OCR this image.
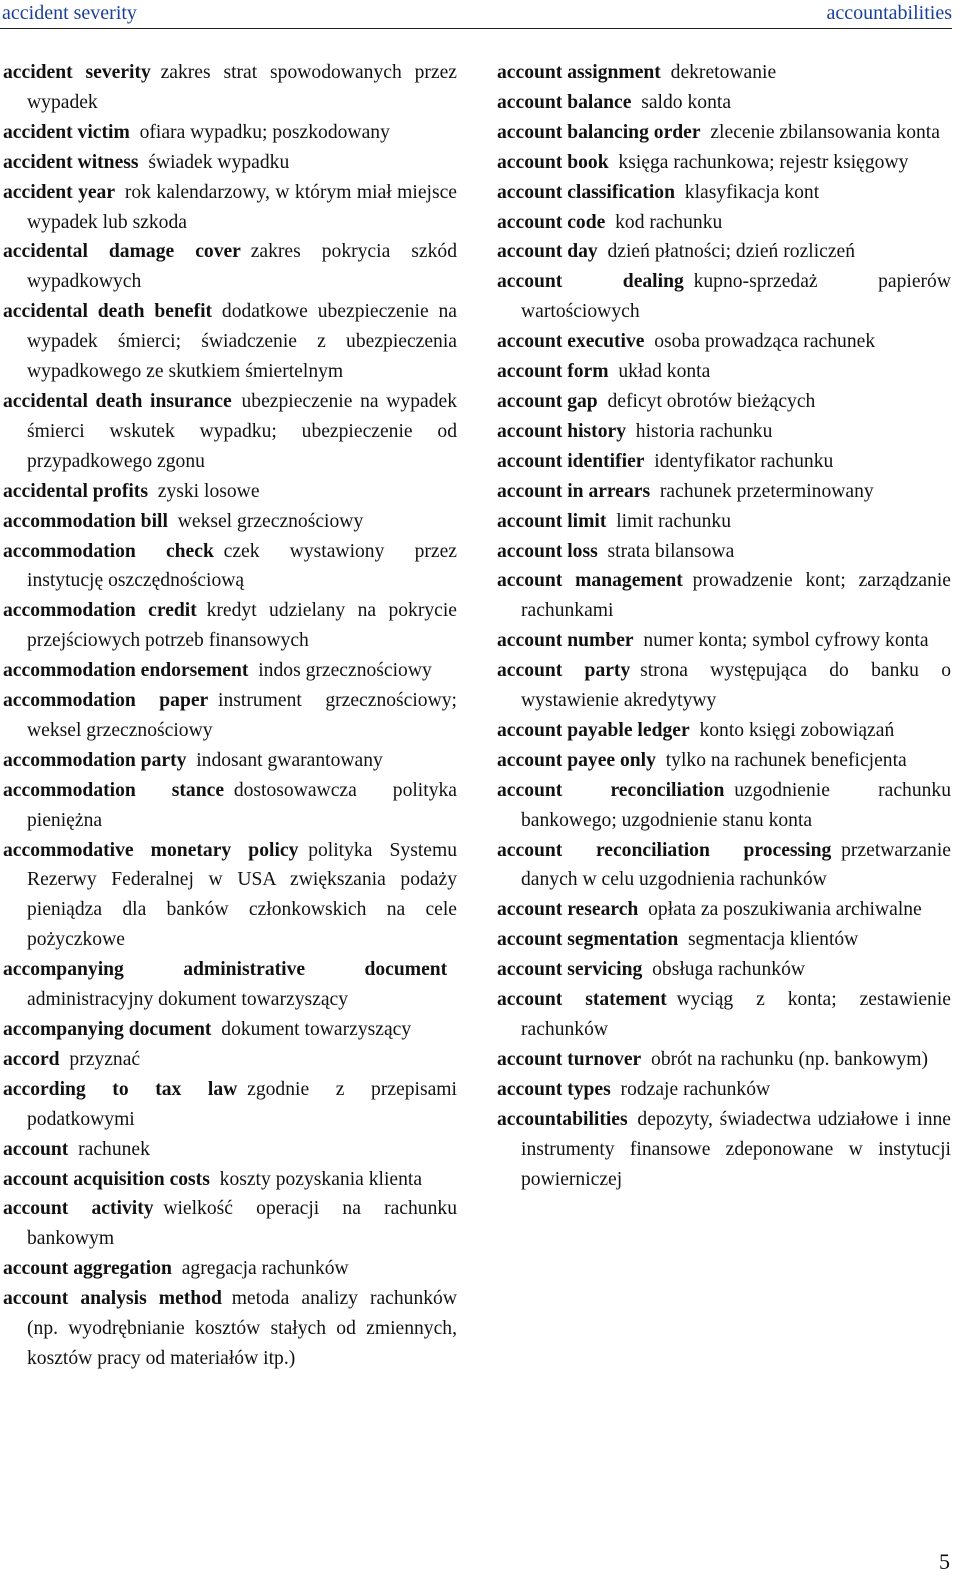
accident severity	accountabilities
accident severity  zakres strat spowodowanych przez wypadek
accident victim  ofiara wypadku; poszkodowany
accident witness  świadek wypadku
accident year  rok kalendarzowy, w którym miał miejsce wypadek lub szkoda
accidental damage cover  zakres pokrycia szkód wypadkowych
accidental death benefit  dodatkowe ubezpieczenie na wypadek śmierci; świadczenie z ubezpieczenia wypadkowego ze skutkiem śmiertelnym
accidental death insurance  ubezpieczenie na wypadek śmierci wskutek wypadku; ubezpieczenie od przypadkowego zgonu
accidental profits  zyski losowe
accommodation bill  weksel grzecznościowy
accommodation check  czek wystawiony przez instytucję oszczędnościową
accommodation credit  kredyt udzielany na pokrycie przejściowych potrzeb finansowych
accommodation endorsement  indos grzecznościowy
accommodation paper  instrument grzecznościowy; weksel grzecznościowy
accommodation party  indosant gwarantowany
accommodation stance  dostosowawcza polityka pieniężna
accommodative monetary policy  polityka Systemu Rezerwy Federalnej w USA zwiększania podaży pieniądza dla banków członkowskich na cele pożyczkowe
accompanying administrative document administracyjny dokument towarzyszący
accompanying document  dokument towarzyszący
accord  przyznać
according to tax law  zgodnie z przepisami podatkowymi
account  rachunek
account acquisition costs  koszty pozyskania klienta
account activity  wielkość operacji na rachunku bankowym
account aggregation  agregacja rachunków
account analysis method  metoda analizy rachunków (np. wyodrębnianie kosztów stałych od zmiennych, kosztów pracy od materiałów itp.)
account assignment  dekretowanie
account balance  saldo konta
account balancing order  zlecenie zbilansowania konta
account book  księga rachunkowa; rejestr księgowy
account classification  klasyfikacja kont
account code  kod rachunku
account day  dzień płatności; dzień rozliczeń
account dealing  kupno-sprzedaż papierów wartościowych
account executive  osoba prowadząca rachunek
account form  układ konta
account gap  deficyt obrotów bieżących
account history  historia rachunku
account identifier  identyfikator rachunku
account in arrears  rachunek przeterminowany
account limit  limit rachunku
account loss  strata bilansowa
account management  prowadzenie kont; zarządzanie rachunkami
account number  numer konta; symbol cyfrowy konta
account party  strona występująca do banku o wystawienie akredytywy
account payable ledger  konto księgi zobowiązań
account payee only  tylko na rachunek beneficjenta
account reconciliation  uzgodnienie rachunku bankowego; uzgodnienie stanu konta
account reconciliation processing  przetwarzanie danych w celu uzgodnienia rachunków
account research  opłata za poszukiwania archiwalne
account segmentation  segmentacja klientów
account servicing  obsługa rachunków
account statement  wyciąg z konta; zestawienie rachunków
account turnover  obrót na rachunku (np. bankowym)
account types  rodzaje rachunków
accountabilities  depozyty, świadectwa udziałowe i inne instrumenty finansowe zdeponowane w instytucji powierniczej
5
